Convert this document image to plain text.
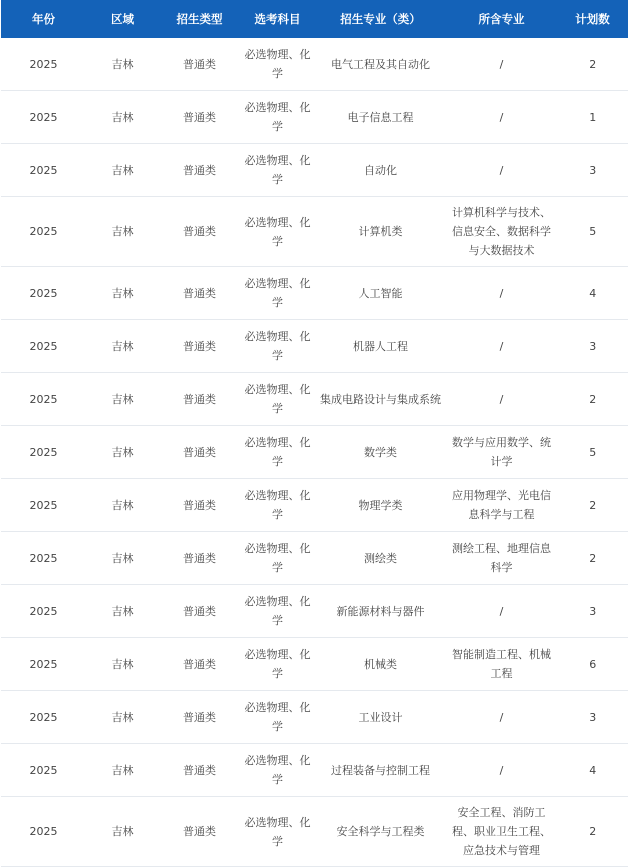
年份	区域	招生类型	选考科目	招生专业（类）	所含专业	计划数
2025	吉林	普通类	必选物理、化学	电气工程及其自动化	/	2
2025	吉林	普通类	必选物理、化学	电子信息工程	/	1
2025	吉林	普通类	必选物理、化学	自动化	/	3
2025	吉林	普通类	必选物理、化学	计算机类	计算机科学与技术、信息安全、数据科学与大数据技术	5
2025	吉林	普通类	必选物理、化学	人工智能	/	4
2025	吉林	普通类	必选物理、化学	机器人工程	/	3
2025	吉林	普通类	必选物理、化学	集成电路设计与集成系统	/	2
2025	吉林	普通类	必选物理、化学	数学类	数学与应用数学、统计学	5
2025	吉林	普通类	必选物理、化学	物理学类	应用物理学、光电信息科学与工程	2
2025	吉林	普通类	必选物理、化学	测绘类	测绘工程、地理信息科学	2
2025	吉林	普通类	必选物理、化学	新能源材料与器件	/	3
2025	吉林	普通类	必选物理、化学	机械类	智能制造工程、机械工程	6
2025	吉林	普通类	必选物理、化学	工业设计	/	3
2025	吉林	普通类	必选物理、化学	过程装备与控制工程	/	4
2025	吉林	普通类	必选物理、化学	安全科学与工程类	安全工程、消防工程、职业卫生工程、应急技术与管理	2
